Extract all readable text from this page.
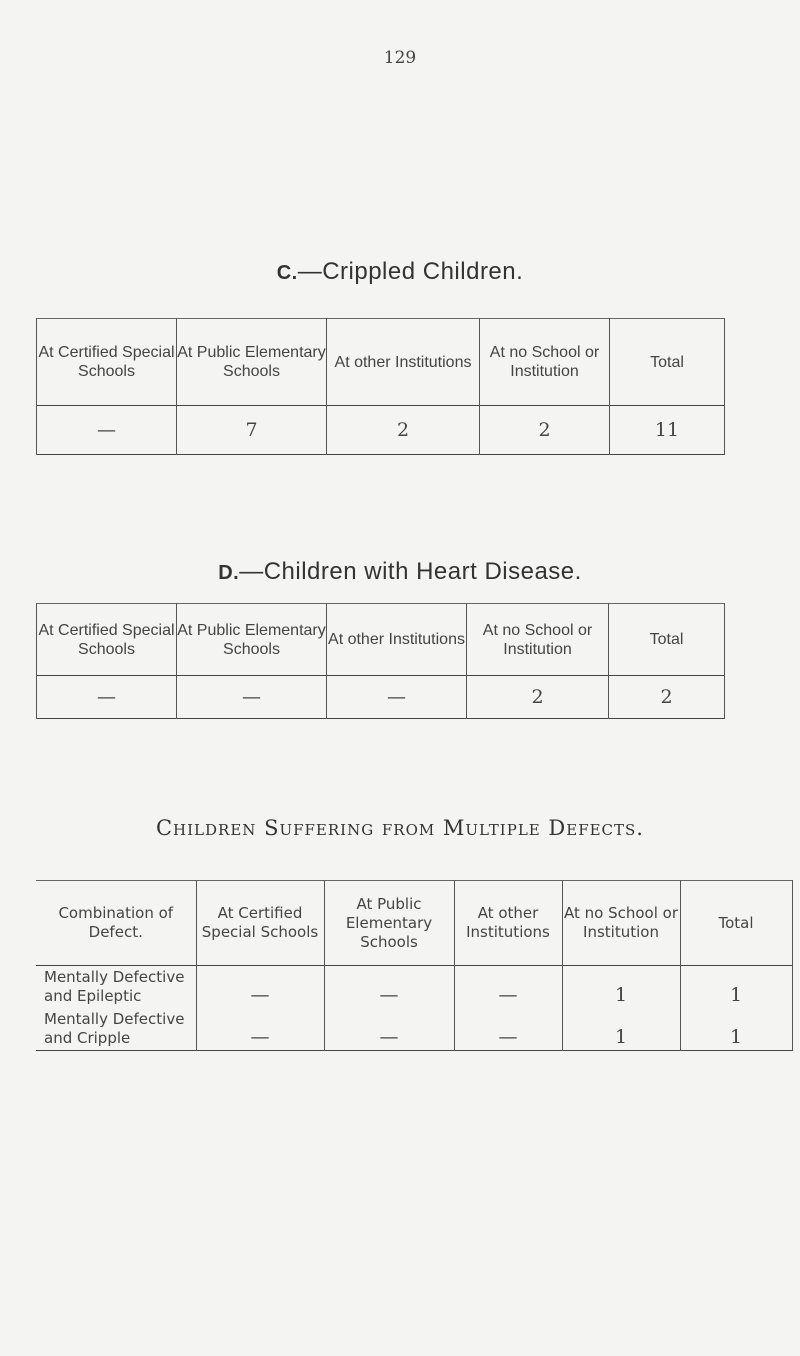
129
C.—Crippled Children.
At Certified Special Schools	At Public Elementary Schools	At other Institutions	At no School or Institution	Total
—	7	2	2	11
D.—Children with Heart Disease.
At Certified Special Schools	At Public Elementary Schools	At other Institutions	At no School or Institution	Total
—	—	—	2	2
Children Suffering from Multiple Defects.
Combination of Defect.	At Certified Special Schools	At Public Elementary Schools	At other Institutions	At no School or Institution	Total
Mentally Defective and Epileptic	—	—	—	1	1
Mentally Defective and Cripple	—	—	—	1	1
